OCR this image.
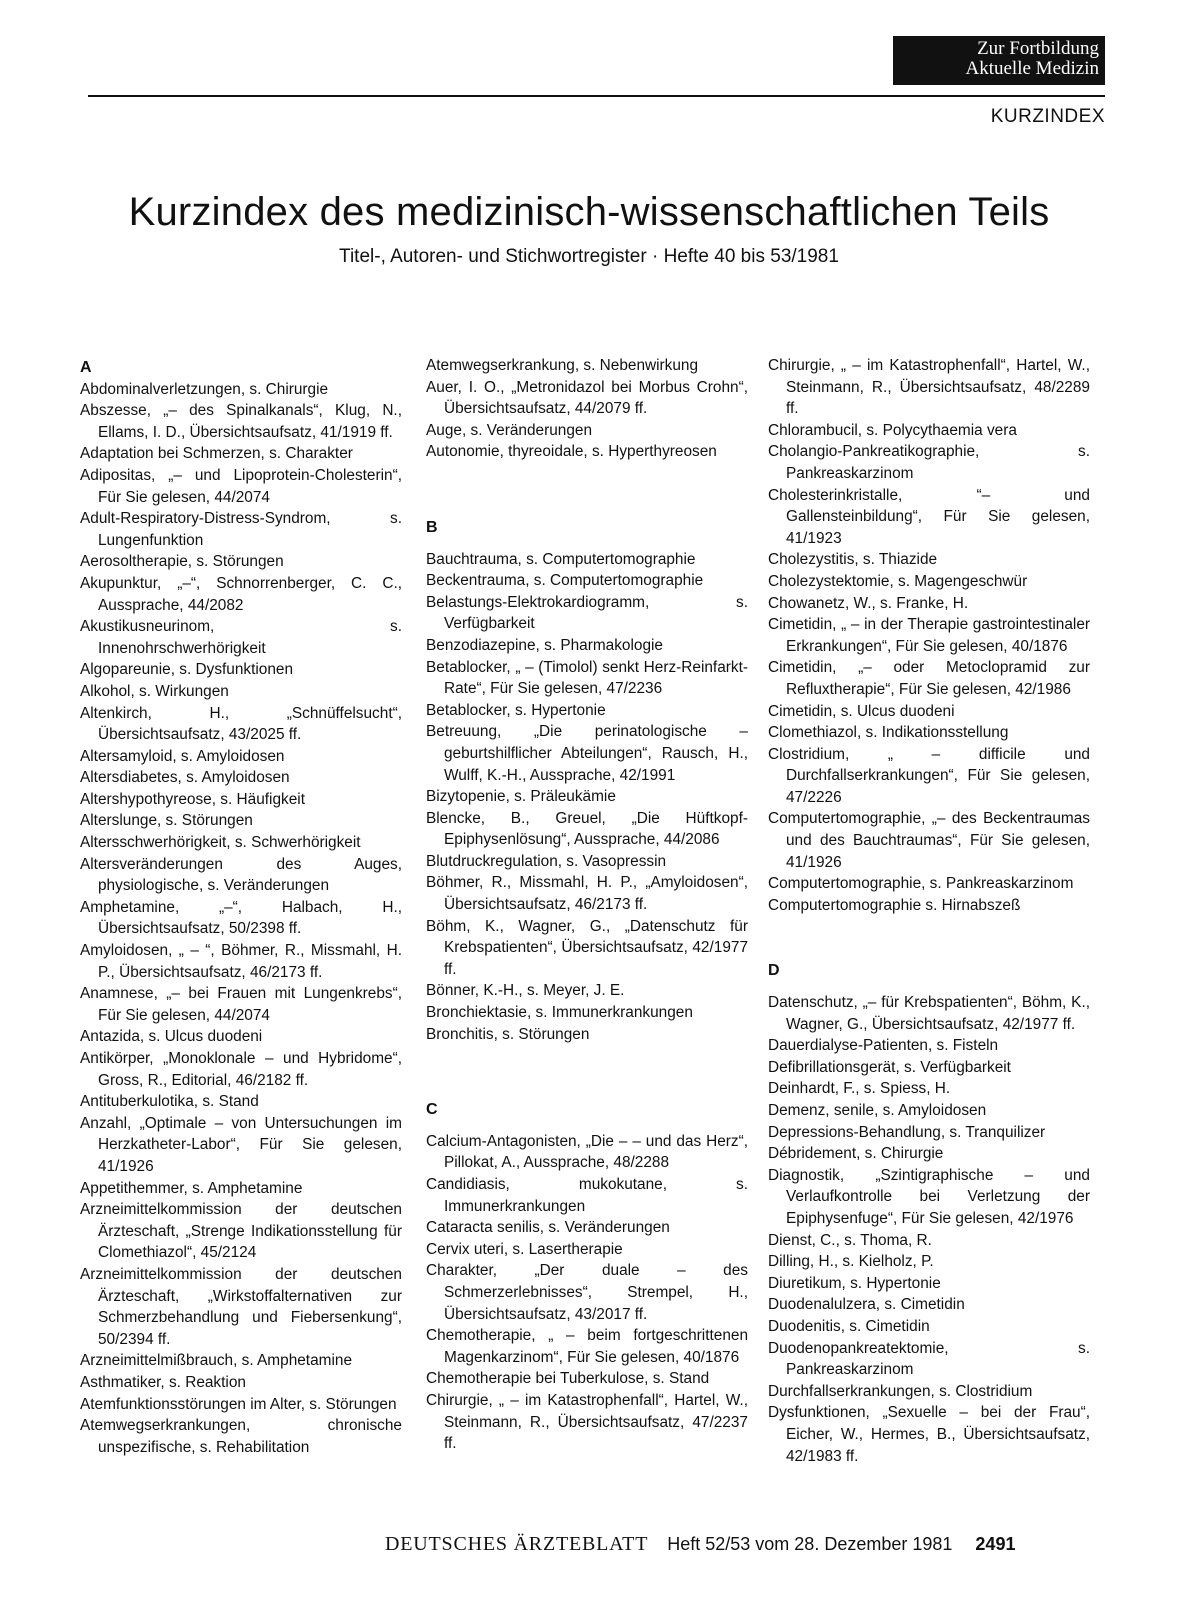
Zur Fortbildung
Aktuelle Medizin
KURZINDEX
Kurzindex des medizinisch-wissenschaftlichen Teils
Titel-, Autoren- und Stichwortregister · Hefte 40 bis 53/1981
A
Abdominalverletzungen, s. Chirurgie
Abszesse, „– des Spinalkanals“, Klug, N., Ellams, I. D., Übersichtsaufsatz, 41/1919 ff.
Adaptation bei Schmerzen, s. Charakter
Adipositas, „– und Lipoprotein-Cholesterin“, Für Sie gelesen, 44/2074
Adult-Respiratory-Distress-Syndrom, s. Lungenfunktion
Aerosoltherapie, s. Störungen
Akupunktur, „–“, Schnorrenberger, C. C., Aussprache, 44/2082
Akustikusneurinom, s. Innenohrschwerhörigkeit
Algopareunie, s. Dysfunktionen
Alkohol, s. Wirkungen
Altenkirch, H., „Schnüffelsucht“, Übersichtsaufsatz, 43/2025 ff.
Altersamyloid, s. Amyloidosen
Altersdiabetes, s. Amyloidosen
Altershypothyreose, s. Häufigkeit
Alterslunge, s. Störungen
Altersschwerhörigkeit, s. Schwerhörigkeit
Altersveränderungen des Auges, physiologische, s. Veränderungen
Amphetamine, „–“, Halbach, H., Übersichtsaufsatz, 50/2398 ff.
Amyloidosen, „ – “, Böhmer, R., Missmahl, H. P., Übersichtsaufsatz, 46/2173 ff.
Anamnese, „– bei Frauen mit Lungenkrebs“, Für Sie gelesen, 44/2074
Antazida, s. Ulcus duodeni
Antikörper, „Monoklonale – und Hybridome“, Gross, R., Editorial, 46/2182 ff.
Antituberkulotika, s. Stand
Anzahl, „Optimale – von Untersuchungen im Herzkatheter-Labor“, Für Sie gelesen, 41/1926
Appetithemmer, s. Amphetamine
Arzneimittelkommission der deutschen Ärzteschaft, „Strenge Indikationsstellung für Clomethiazol“, 45/2124
Arzneimittelkommission der deutschen Ärzteschaft, „Wirkstoffalternativen zur Schmerzbehandlung und Fiebersenkung“, 50/2394 ff.
Arzneimittelmißbrauch, s. Amphetamine
Asthmatiker, s. Reaktion
Atemfunktionsstörungen im Alter, s. Störungen
Atemwegserkrankungen, chronische unspezifische, s. Rehabilitation
Atemwegserkrankung, s. Nebenwirkung
Auer, I. O., „Metronidazol bei Morbus Crohn“, Übersichtsaufsatz, 44/2079 ff.
Auge, s. Veränderungen
Autonomie, thyreoidale, s. Hyperthyreosen
B
Bauchtrauma, s. Computertomographie
Beckentrauma, s. Computertomographie
Belastungs-Elektrokardiogramm, s. Verfügbarkeit
Benzodiazepine, s. Pharmakologie
Betablocker, „ – (Timolol) senkt Herz-Reinfarkt-Rate“, Für Sie gelesen, 47/2236
Betablocker, s. Hypertonie
Betreuung, „Die perinatologische – geburtshilflicher Abteilungen“, Rausch, H., Wulff, K.-H., Aussprache, 42/1991
Bizytopenie, s. Präleukämie
Blencke, B., Greuel, „Die Hüftkopf-Epiphysenlösung“, Aussprache, 44/2086
Blutdruckregulation, s. Vasopressin
Böhmer, R., Missmahl, H. P., „Amyloidosen“, Übersichtsaufsatz, 46/2173 ff.
Böhm, K., Wagner, G., „Datenschutz für Krebspatienten“, Übersichtsaufsatz, 42/1977 ff.
Bönner, K.-H., s. Meyer, J. E.
Bronchiektasie, s. Immunerkrankungen
Bronchitis, s. Störungen
C
Calcium-Antagonisten, „Die – – und das Herz“, Pillokat, A., Aussprache, 48/2288
Candidiasis, mukokutane, s. Immunerkrankungen
Cataracta senilis, s. Veränderungen
Cervix uteri, s. Lasertherapie
Charakter, „Der duale – des Schmerzerlebnisses“, Strempel, H., Übersichtsaufsatz, 43/2017 ff.
Chemotherapie, „ – beim fortgeschrittenen Magenkarzinom“, Für Sie gelesen, 40/1876
Chemotherapie bei Tuberkulose, s. Stand
Chirurgie, „ – im Katastrophenfall“, Hartel, W., Steinmann, R., Übersichtsaufsatz, 47/2237 ff.
Chirurgie, „ – im Katastrophenfall“, Hartel, W., Steinmann, R., Übersichtsaufsatz, 48/2289 ff.
Chlorambucil, s. Polycythaemia vera
Cholangio-Pankreatikographie, s. Pankreaskarzinom
Cholesterinkristalle, “– und Gallensteinbildung“, Für Sie gelesen, 41/1923
Cholezystitis, s. Thiazide
Cholezystektomie, s. Magengeschwür
Chowanetz, W., s. Franke, H.
Cimetidin, „ – in der Therapie gastrointestinaler Erkrankungen“, Für Sie gelesen, 40/1876
Cimetidin, „– oder Metoclopramid zur Refluxtherapie“, Für Sie gelesen, 42/1986
Cimetidin, s. Ulcus duodeni
Clomethiazol, s. Indikationsstellung
Clostridium, „ – difficile und Durchfallserkrankungen“, Für Sie gelesen, 47/2226
Computertomographie, „– des Beckentraumas und des Bauchtraumas“, Für Sie gelesen, 41/1926
Computertomographie, s. Pankreaskarzinom
Computertomographie s. Hirnabszeß
D
Datenschutz, „– für Krebspatienten“, Böhm, K., Wagner, G., Übersichtsaufsatz, 42/1977 ff.
Dauerdialyse-Patienten, s. Fisteln
Defibrillationsgerät, s. Verfügbarkeit
Deinhardt, F., s. Spiess, H.
Demenz, senile, s. Amyloidosen
Depressions-Behandlung, s. Tranquilizer
Débridement, s. Chirurgie
Diagnostik, „Szintigraphische – und Verlaufkontrolle bei Verletzung der Epiphysenfuge“, Für Sie gelesen, 42/1976
Dienst, C., s. Thoma, R.
Dilling, H., s. Kielholz, P.
Diuretikum, s. Hypertonie
Duodenalulzera, s. Cimetidin
Duodenitis, s. Cimetidin
Duodenopankreatektomie, s. Pankreaskarzinom
Durchfallserkrankungen, s. Clostridium
Dysfunktionen, „Sexuelle – bei der Frau“, Eicher, W., Hermes, B., Übersichtsaufsatz, 42/1983 ff.
DEUTSCHES ÄRZTEBLATT Heft 52/53 vom 28. Dezember 1981 2491
